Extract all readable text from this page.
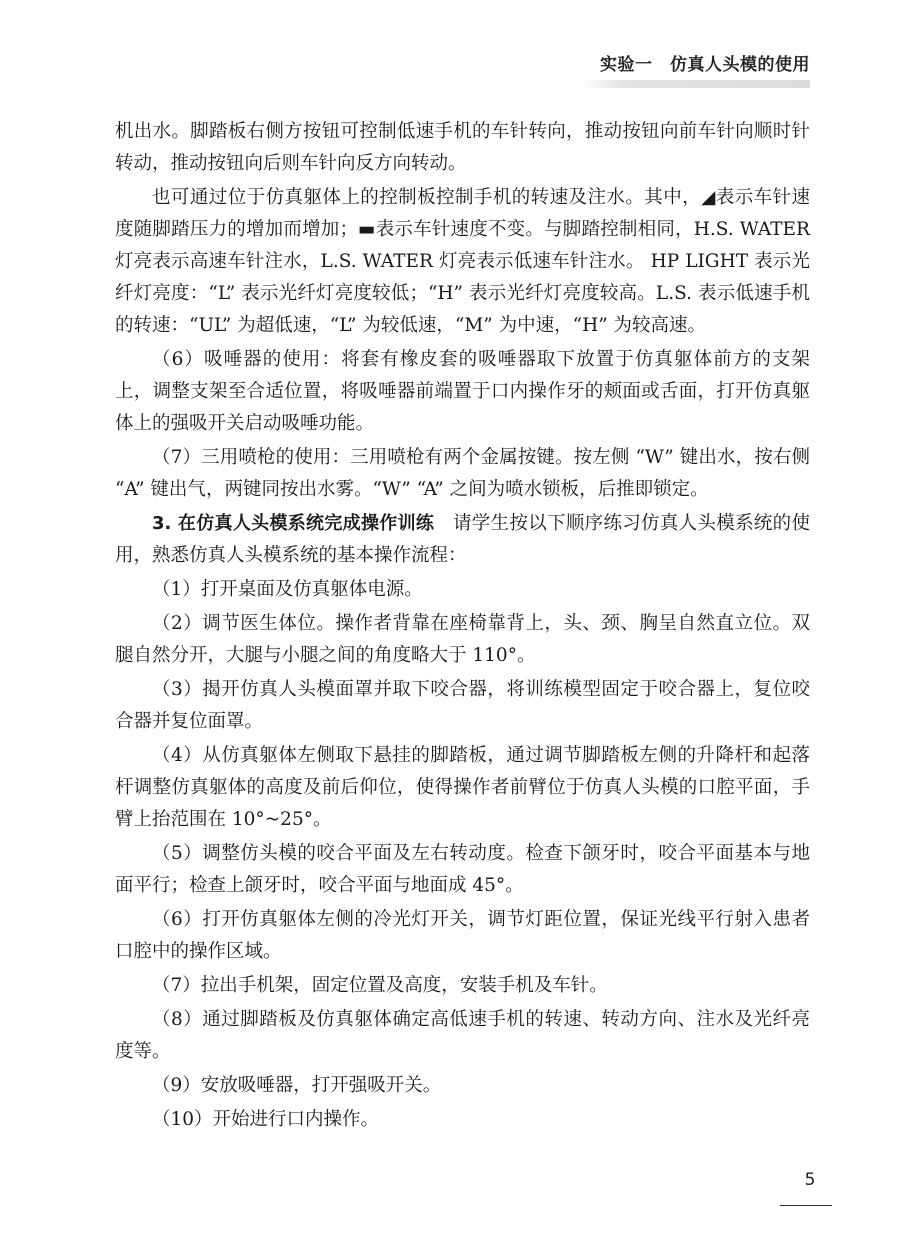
实验一　仿真人头模的使用

机出水。脚踏板右侧方按钮可控制低速手机的车针转向，推动按钮向前车针向顺时针转动，推动按钮向后则车针向反方向转动。

也可通过位于仿真躯体上的控制板控制手机的转速及注水。其中，◢表示车针速度随脚踏压力的增加而增加；▬表示车针速度不变。与脚踏控制相同，H.S. WATER 灯亮表示高速车针注水，L.S. WATER 灯亮表示低速车针注水。 HP LIGHT 表示光纤灯亮度：“L” 表示光纤灯亮度较低；“H” 表示光纤灯亮度较高。L.S. 表示低速手机的转速：“UL” 为超低速，“L” 为较低速，“M” 为中速，“H” 为较高速。

（6）吸唾器的使用：将套有橡皮套的吸唾器取下放置于仿真躯体前方的支架上，调整支架至合适位置，将吸唾器前端置于口内操作牙的颊面或舌面，打开仿真躯体上的强吸开关启动吸唾功能。

（7）三用喷枪的使用：三用喷枪有两个金属按键。按左侧 “W” 键出水，按右侧 “A” 键出气，两键同按出水雾。“W” “A” 之间为喷水锁板，后推即锁定。

3. 在仿真人头模系统完成操作训练　请学生按以下顺序练习仿真人头模系统的使用，熟悉仿真人头模系统的基本操作流程：

（1）打开桌面及仿真躯体电源。

（2）调节医生体位。操作者背靠在座椅靠背上，头、颈、胸呈自然直立位。双腿自然分开，大腿与小腿之间的角度略大于 110°。

（3）揭开仿真人头模面罩并取下咬合器，将训练模型固定于咬合器上，复位咬合器并复位面罩。

（4）从仿真躯体左侧取下悬挂的脚踏板，通过调节脚踏板左侧的升降杆和起落杆调整仿真躯体的高度及前后仰位，使得操作者前臂位于仿真人头模的口腔平面，手臂上抬范围在 10°~25°。

（5）调整仿头模的咬合平面及左右转动度。检查下颌牙时，咬合平面基本与地面平行；检查上颌牙时，咬合平面与地面成 45°。

（6）打开仿真躯体左侧的冷光灯开关，调节灯距位置，保证光线平行射入患者口腔中的操作区域。

（7）拉出手机架，固定位置及高度，安装手机及车针。

（8）通过脚踏板及仿真躯体确定高低速手机的转速、转动方向、注水及光纤亮度等。

（9）安放吸唾器，打开强吸开关。

（10）开始进行口内操作。

5
